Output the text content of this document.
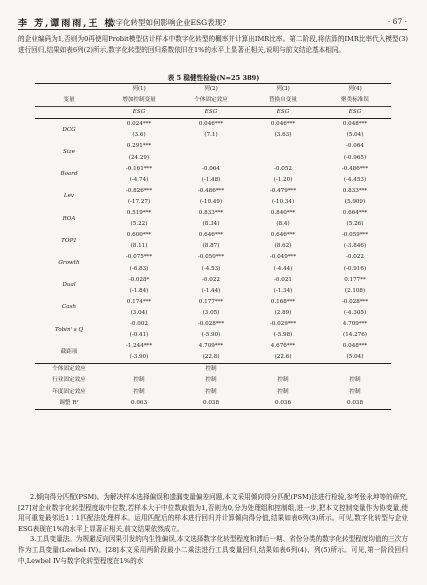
李 芳,谭雨雨,王 松
数字化转型如何影响企业ESG表现?	· 67 ·

的企业编码为1,否则为0再使用Probit模型估计样本中数字化转型的概率并计算出IMR比率。第二阶段,将估算的IMR比率代入模型(3)进行回归,结果如表6列(2)所示,数字化转型的回归系数依旧在1%的水平上显著正相关,说明与前文结论基本相同。

表 5 稳健性检验(N=25 389)
	列(1)	列(2)	列(3)	列(4)
变量	增加控制变量	个体固定效应	替换自变量	聚类标准误
	ESG	ESG	ESG	ESG
DCG	0.024***	0.046***	0.046***	0.048***
	(3.6)	(7.1)	(3.63)	(5.04)
Size	0.291***			-0.064
	(24.29)			(-0.965)
Board	-0.161***	-0.064	-0.052	-0.486***
	(-4.74)	(-1.48)	(-1.20)	(-4.453)
Lev	-0.826***	-0.486***	-0.479***	0.833***
	(-17.27)	(-10.49)	(-10.34)	(5.909)
ROA	0.519***	0.833***	0.840***	0.664***
	(5.22)	(8.34)	(8.4)	(5.26)
TOP1	0.600***	0.646***	0.646***	-0.059***
	(8.11)	(8.87)	(8.62)	(-3.846)
Growth	-0.075***	-0.050***	-0.049***	-0.022
	(-6.83)	(-4.53)	(-4.44)	(-0.916)
Dual	-0.028*	-0.022	-0.021	0.177**
	(-1.84)	(-1.44)	(-1.34)	(2.108)
Cash	0.174***	0.177***	0.168***	-0.028***
	(3.04)	(3.05)	(2.89)	(-4.305)
Tobin' s Q	-0.002	-0.028***	-0.029***	4.709***
	(-0.41)	(-5.90)	(-5.98)	(14.276)
截距项	-1.244***	4.709***	4.676***	0.048***
	(-3.90)	(22.8)	(22.6)	(5.04)
个体固定效应		控制		
行业固定效应	控制	控制	控制	控制
年度固定效应	控制	控制	控制	控制
调整 R²	0.063	0.038	0.036	0.038

2.倾向得分匹配(PSM)。为解决样本选择偏误和遗漏变量偏差问题,本文采用倾向得分匹配(PSM)法进行检验,参考张永坤等的研究,[27]对企业数字化转型程度取中位数,若样本大于中位数取值为1,否则为0,分为处理组和控制组,进一步,把本文控制变量作为协变量,使用可重复最邻近1∶1匹配法处理样本。运用匹配后的样本进行回归并计算倾向得分值,结果如表6列(3)所示。可见,数字化转型与企业ESG表现在1%的水平上显著正相关,前文结果依然成立。

3.工具变量法。为规避反向因果引发的内生性偏误,本文选择数字化转型程度和滞后一期、省份分类的数字化转型程度均值的三次方作为工具变量(Lewbel IV)。[28]本文采用两阶段最小二乘法进行工具变量回归,结果如表6列(4)、列(5)所示。可见,第一阶段回归中,Lewbel IV与数字化转型程度在1%的水
